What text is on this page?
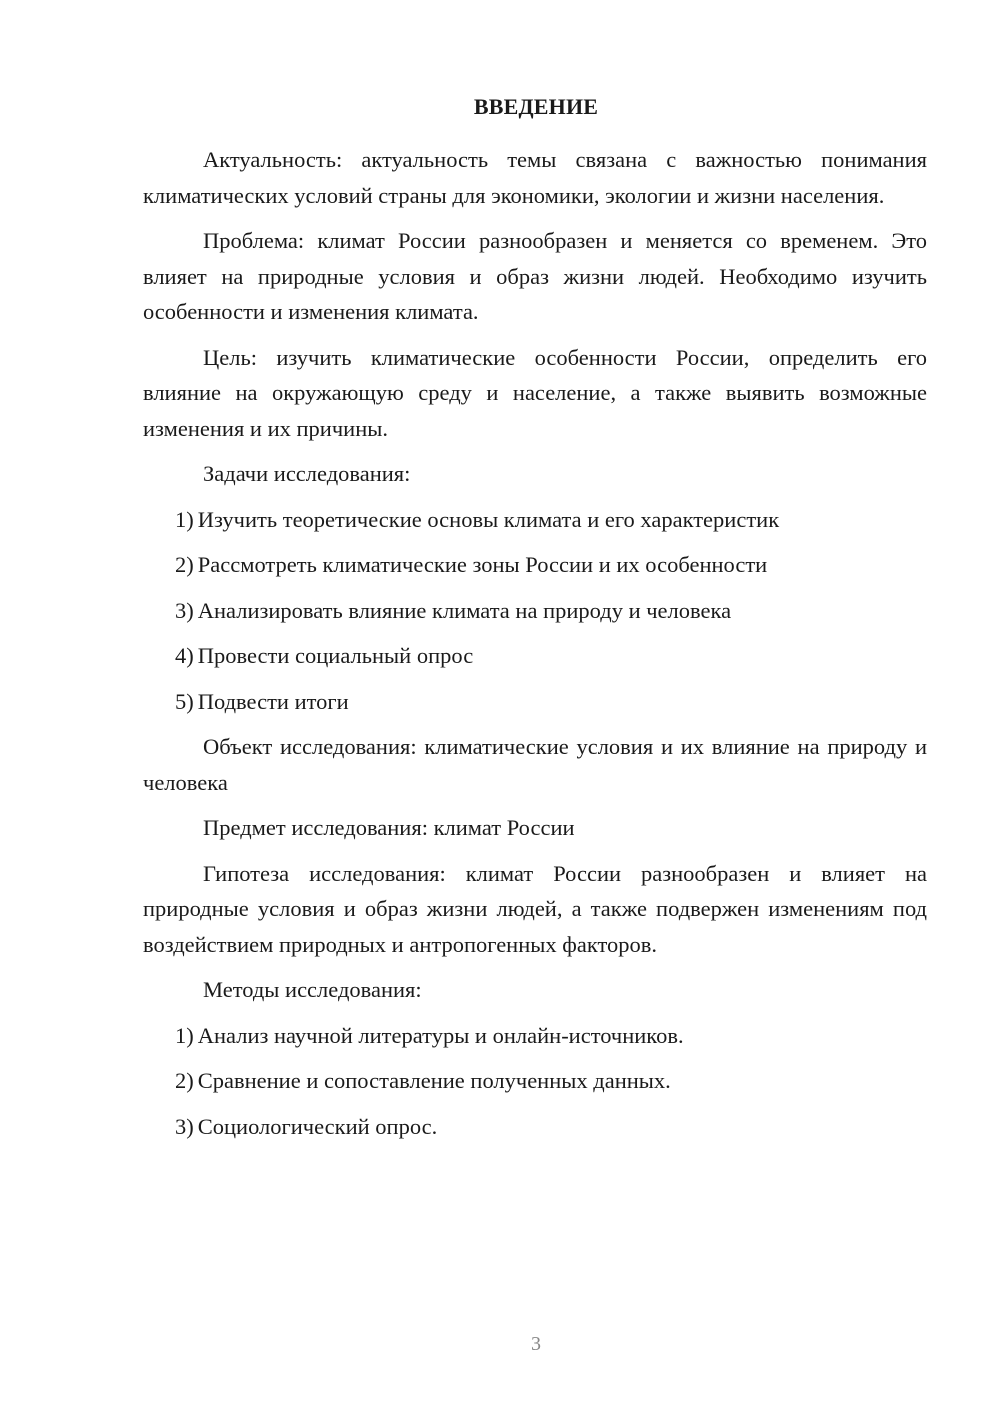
ВВЕДЕНИЕ

Актуальность: актуальность темы связана с важностью понимания климатических условий страны для экономики, экологии и жизни населения.

Проблема: климат России разнообразен и меняется со временем. Это влияет на природные условия и образ жизни людей. Необходимо изучить особенности и изменения климата.

Цель: изучить климатические особенности России, определить его влияние на окружающую среду и население, а также выявить возможные изменения и их причины.

Задачи исследования:

1) Изучить теоретические основы климата и его характеристик

2) Рассмотреть климатические зоны России и их особенности

3) Анализировать влияние климата на природу и человека

4) Провести социальный опрос

5) Подвести итоги

Объект исследования: климатические условия и их влияние на природу и человека

Предмет исследования: климат России

Гипотеза исследования: климат России разнообразен и влияет на природные условия и образ жизни людей, а также подвержен изменениям под воздействием природных и антропогенных факторов.

Методы исследования:

1) Анализ научной литературы и онлайн-источников.

2) Сравнение и сопоставление полученных данных.

3) Социологический опрос.

3
